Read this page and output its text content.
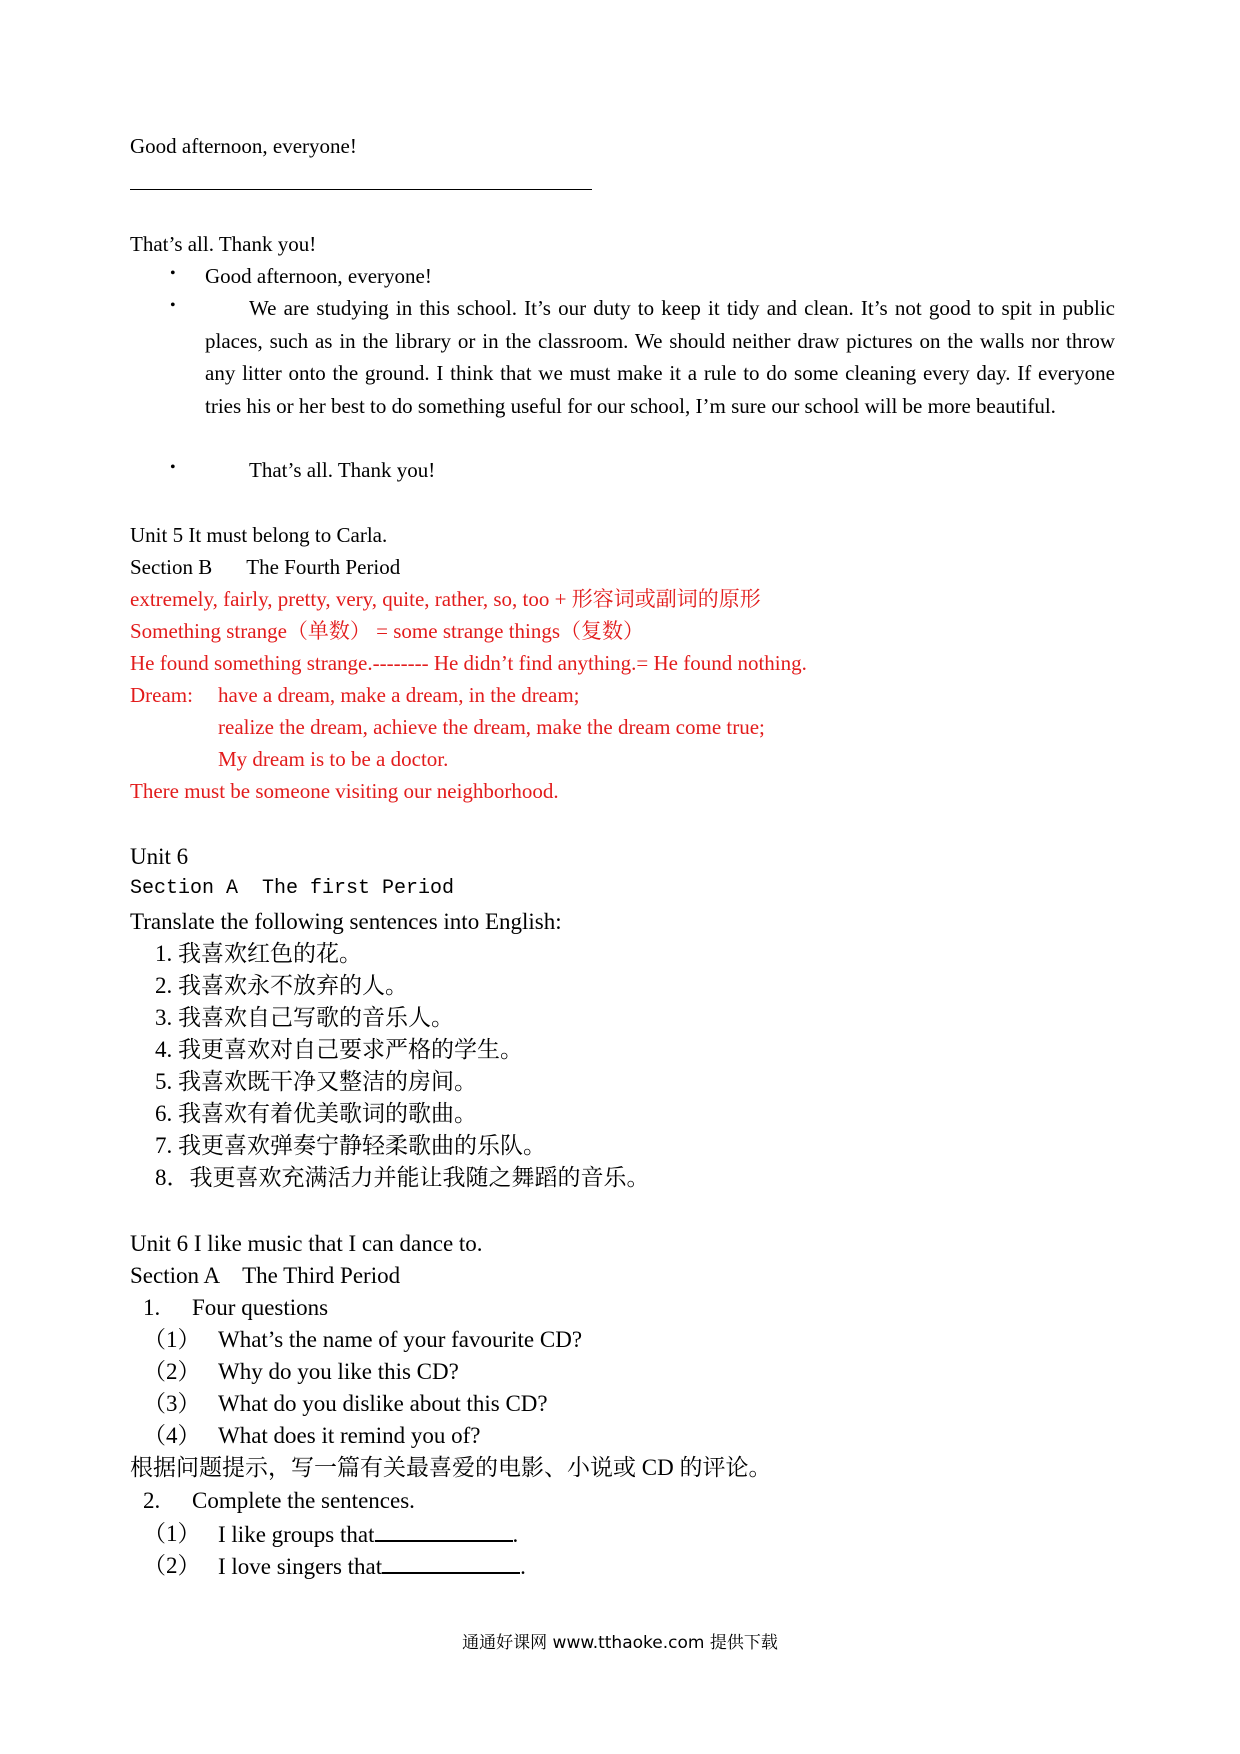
Good afternoon, everyone!
That’s all. Thank you!
• Good afternoon, everyone!
•	We are studying in this school. It’s our duty to keep it tidy and clean. It’s not good to spit in public places, such as in the library or in the classroom. We should neither draw pictures on the walls nor throw any litter onto the ground. I think that we must make it a rule to do some cleaning every day. If everyone tries his or her best to do something useful for our school, I’m sure our school will be more beautiful.
•	That’s all. Thank you!
Unit 5 It must belong to Carla.
Section B The Fourth Period
extremely, fairly, pretty, very, quite, rather, so, too + 形容词或副词的原形
Something strange（单数） = some strange things（复数）
He found something strange.-------- He didn’t find anything.= He found nothing.
Dream: have a dream, make a dream, in the dream;
realize the dream, achieve the dream, make the dream come true;
My dream is to be a doctor.
There must be someone visiting our neighborhood.
Unit 6
Section A  The first Period
Translate the following sentences into English:
1. 我喜欢红色的花。
2. 我喜欢永不放弃的人。
3. 我喜欢自己写歌的音乐人。
4. 我更喜欢对自己要求严格的学生。
5. 我喜欢既干净又整洁的房间。
6. 我喜欢有着优美歌词的歌曲。
7. 我更喜欢弹奏宁静轻柔歌曲的乐队。
8．我更喜欢充满活力并能让我随之舞蹈的音乐。
Unit 6 I like music that I can dance to.
Section A The Third Period
1. Four questions
（1） What’s the name of your favourite CD?
（2） Why do you like this CD?
（3） What do you dislike about this CD?
（4） What does it remind you of?
根据问题提示，写一篇有关最喜爱的电影、小说或 CD 的评论。
2. Complete the sentences.
（1） I like groups that	.
（2） I love singers that	.
通通好课网 www.tthaoke.com 提供下载
